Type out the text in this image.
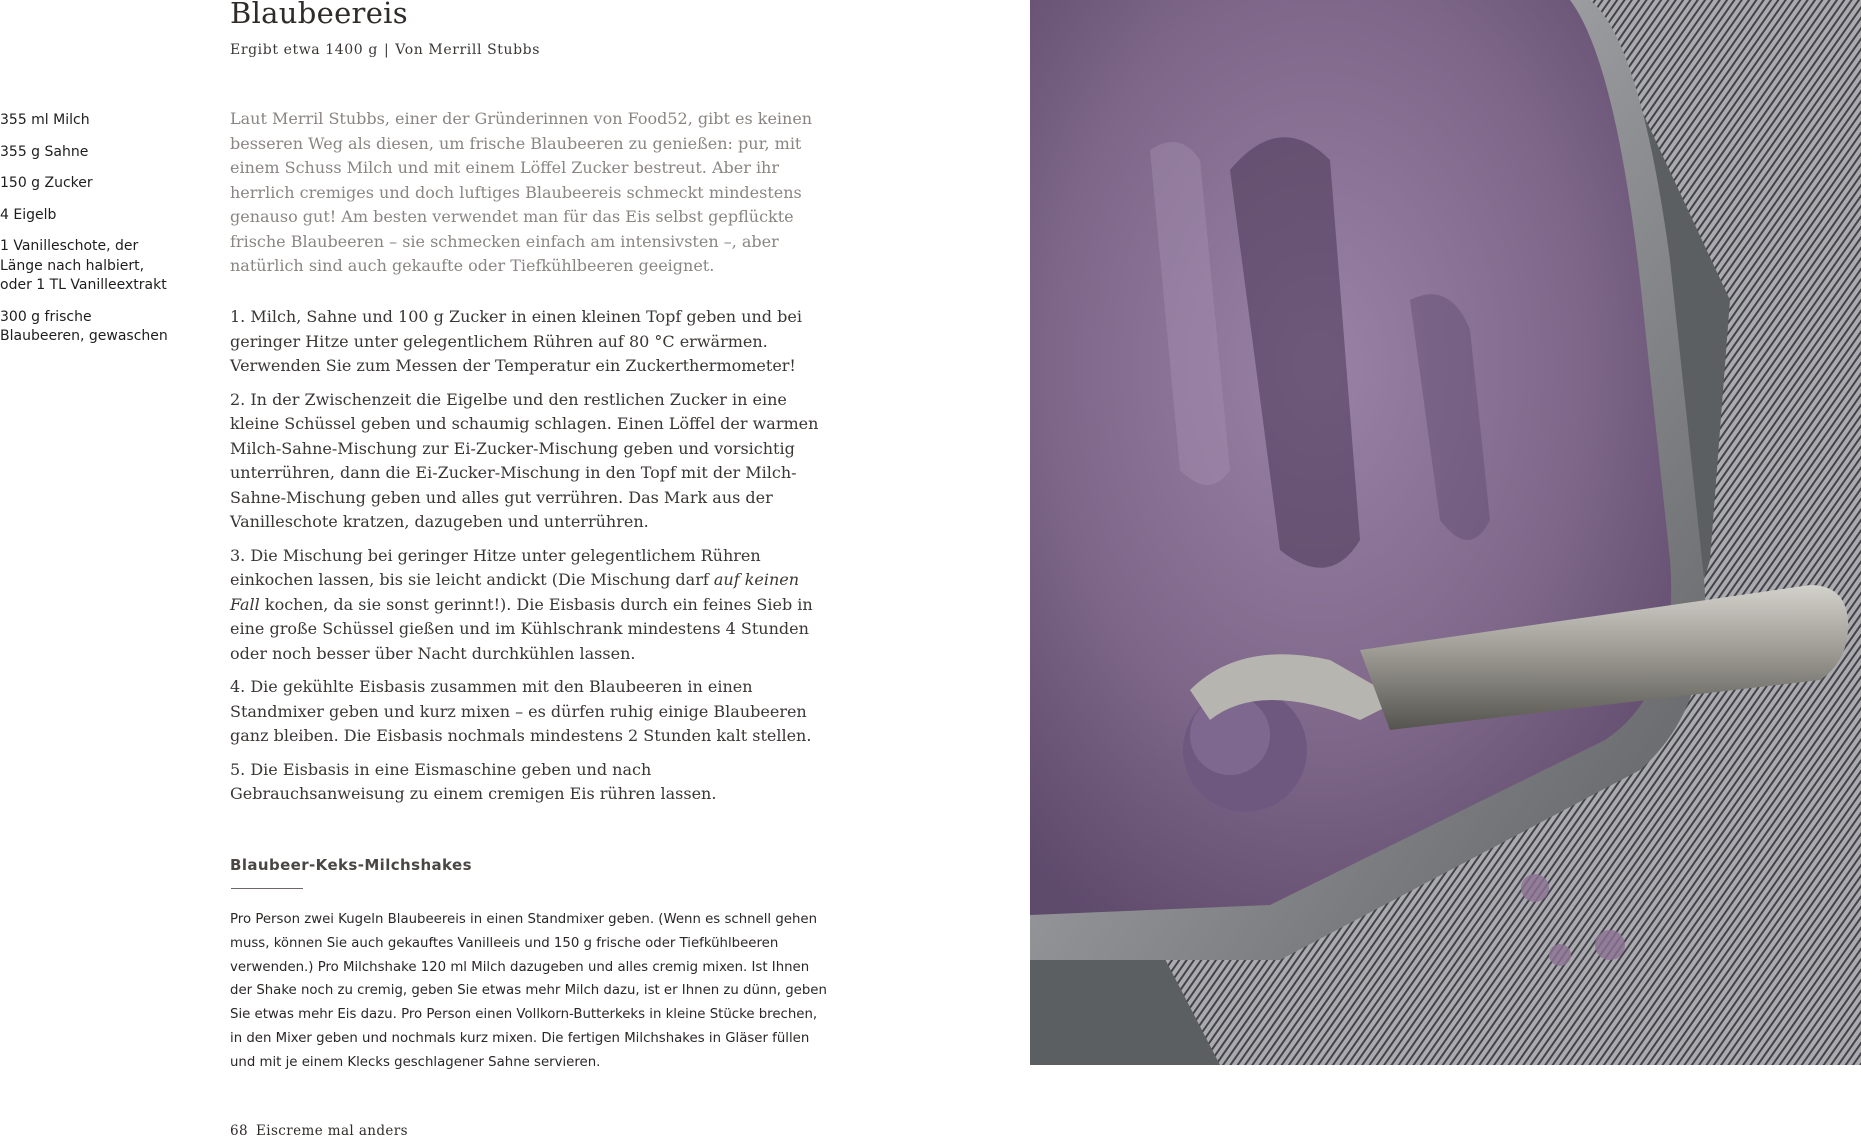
Blaubeereis
Ergibt etwa 1400 g | Von Merrill Stubbs
355 ml Milch
355 g Sahne
150 g Zucker
4 Eigelb
1 Vanilleschote, der Länge nach halbiert, oder 1 TL Vanilleextrakt
300 g frische Blaubeeren, gewaschen

Laut Merril Stubbs, einer der Gründerinnen von Food52, gibt es keinen besseren Weg als diesen, um frische Blaubeeren zu genießen: pur, mit einem Schuss Milch und mit einem Löffel Zucker bestreut. Aber ihr herrlich cremiges und doch luftiges Blaubeereis schmeckt mindestens genauso gut! Am besten verwendet man für das Eis selbst gepflückte frische Blaubeeren – sie schmecken einfach am intensivsten –, aber natürlich sind auch gekaufte oder Tiefkühlbeeren geeignet.

1. Milch, Sahne und 100 g Zucker in einen kleinen Topf geben und bei geringer Hitze unter gelegentlichem Rühren auf 80 °C erwärmen. Verwenden Sie zum Messen der Temperatur ein Zuckerthermometer!
2. In der Zwischenzeit die Eigelbe und den restlichen Zucker in eine kleine Schüssel geben und schaumig schlagen. Einen Löffel der warmen Milch-Sahne-Mischung zur Ei-Zucker-Mischung geben und vorsichtig unterrühren, dann die Ei-Zucker-Mischung in den Topf mit der Milch-Sahne-Mischung geben und alles gut verrühren. Das Mark aus der Vanilleschote kratzen, dazugeben und unterrühren.
3. Die Mischung bei geringer Hitze unter gelegentlichem Rühren einkochen lassen, bis sie leicht andickt (Die Mischung darf auf keinen Fall kochen, da sie sonst gerinnt!). Die Eisbasis durch ein feines Sieb in eine große Schüssel gießen und im Kühlschrank mindestens 4 Stunden oder noch besser über Nacht durchkühlen lassen.
4. Die gekühlte Eisbasis zusammen mit den Blaubeeren in einen Standmixer geben und kurz mixen – es dürfen ruhig einige Blaubeeren ganz bleiben. Die Eisbasis nochmals mindestens 2 Stunden kalt stellen.
5. Die Eisbasis in eine Eismaschine geben und nach Gebrauchsanweisung zu einem cremigen Eis rühren lassen.
Blaubeer-Keks-Milchshakes

Pro Person zwei Kugeln Blaubeereis in einen Standmixer geben. (Wenn es schnell gehen muss, können Sie auch gekauftes Vanilleeis und 150 g frische oder Tiefkühlbeeren verwenden.) Pro Milchshake 120 ml Milch dazugeben und alles cremig mixen. Ist Ihnen der Shake noch zu cremig, geben Sie etwas mehr Milch dazu, ist er Ihnen zu dünn, geben Sie etwas mehr Eis dazu. Pro Person einen Vollkorn-Butterkeks in kleine Stücke brechen, in den Mixer geben und nochmals kurz mixen. Die fertigen Milchshakes in Gläser füllen und mit je einem Klecks geschlagener Sahne servieren.

68 Eiscreme mal anders
